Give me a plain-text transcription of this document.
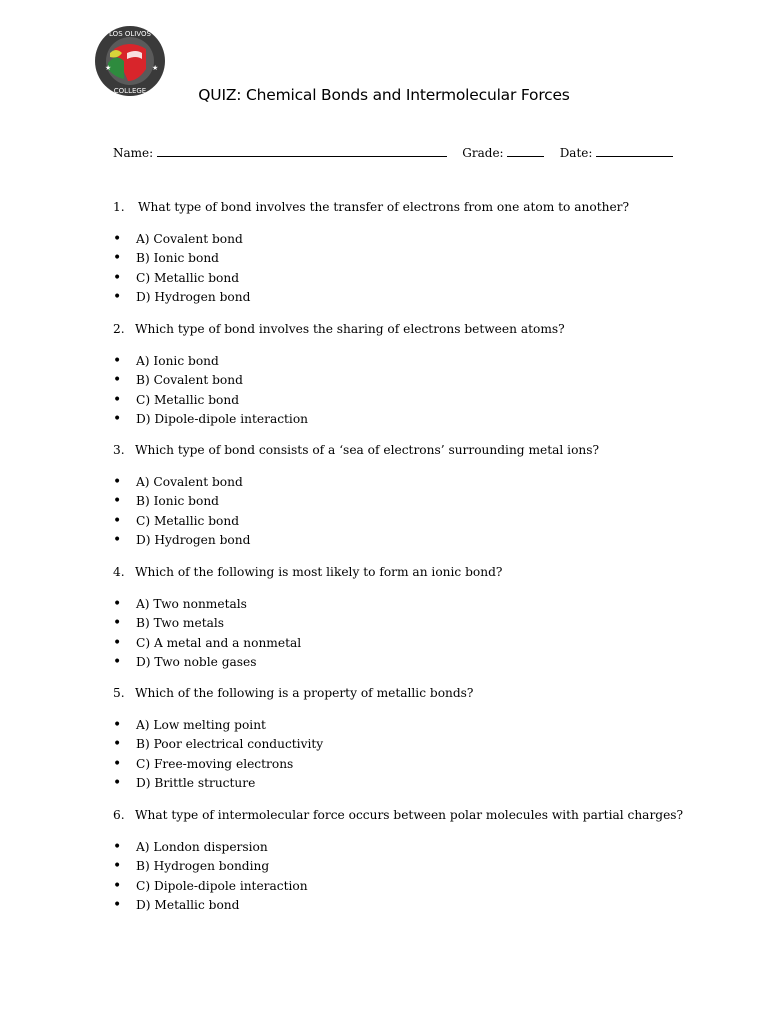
LOS OLIVOS
COLLEGE
★	★
QUIZ: Chemical Bonds and Intermolecular Forces
Name:	Grade:	Date:
1. What type of bond involves the transfer of electrons from one atom to another?
• A) Covalent bond
• B) Ionic bond
• C) Metallic bond
• D) Hydrogen bond
2. Which type of bond involves the sharing of electrons between atoms?
• A) Ionic bond
• B) Covalent bond
• C) Metallic bond
• D) Dipole-dipole interaction
3. Which type of bond consists of a ‘sea of electrons’ surrounding metal ions?
• A) Covalent bond
• B) Ionic bond
• C) Metallic bond
• D) Hydrogen bond
4. Which of the following is most likely to form an ionic bond?
• A) Two nonmetals
• B) Two metals
• C) A metal and a nonmetal
• D) Two noble gases
5. Which of the following is a property of metallic bonds?
• A) Low melting point
• B) Poor electrical conductivity
• C) Free-moving electrons
• D) Brittle structure
6. What type of intermolecular force occurs between polar molecules with partial charges?
• A) London dispersion
• B) Hydrogen bonding
• C) Dipole-dipole interaction
• D) Metallic bond
